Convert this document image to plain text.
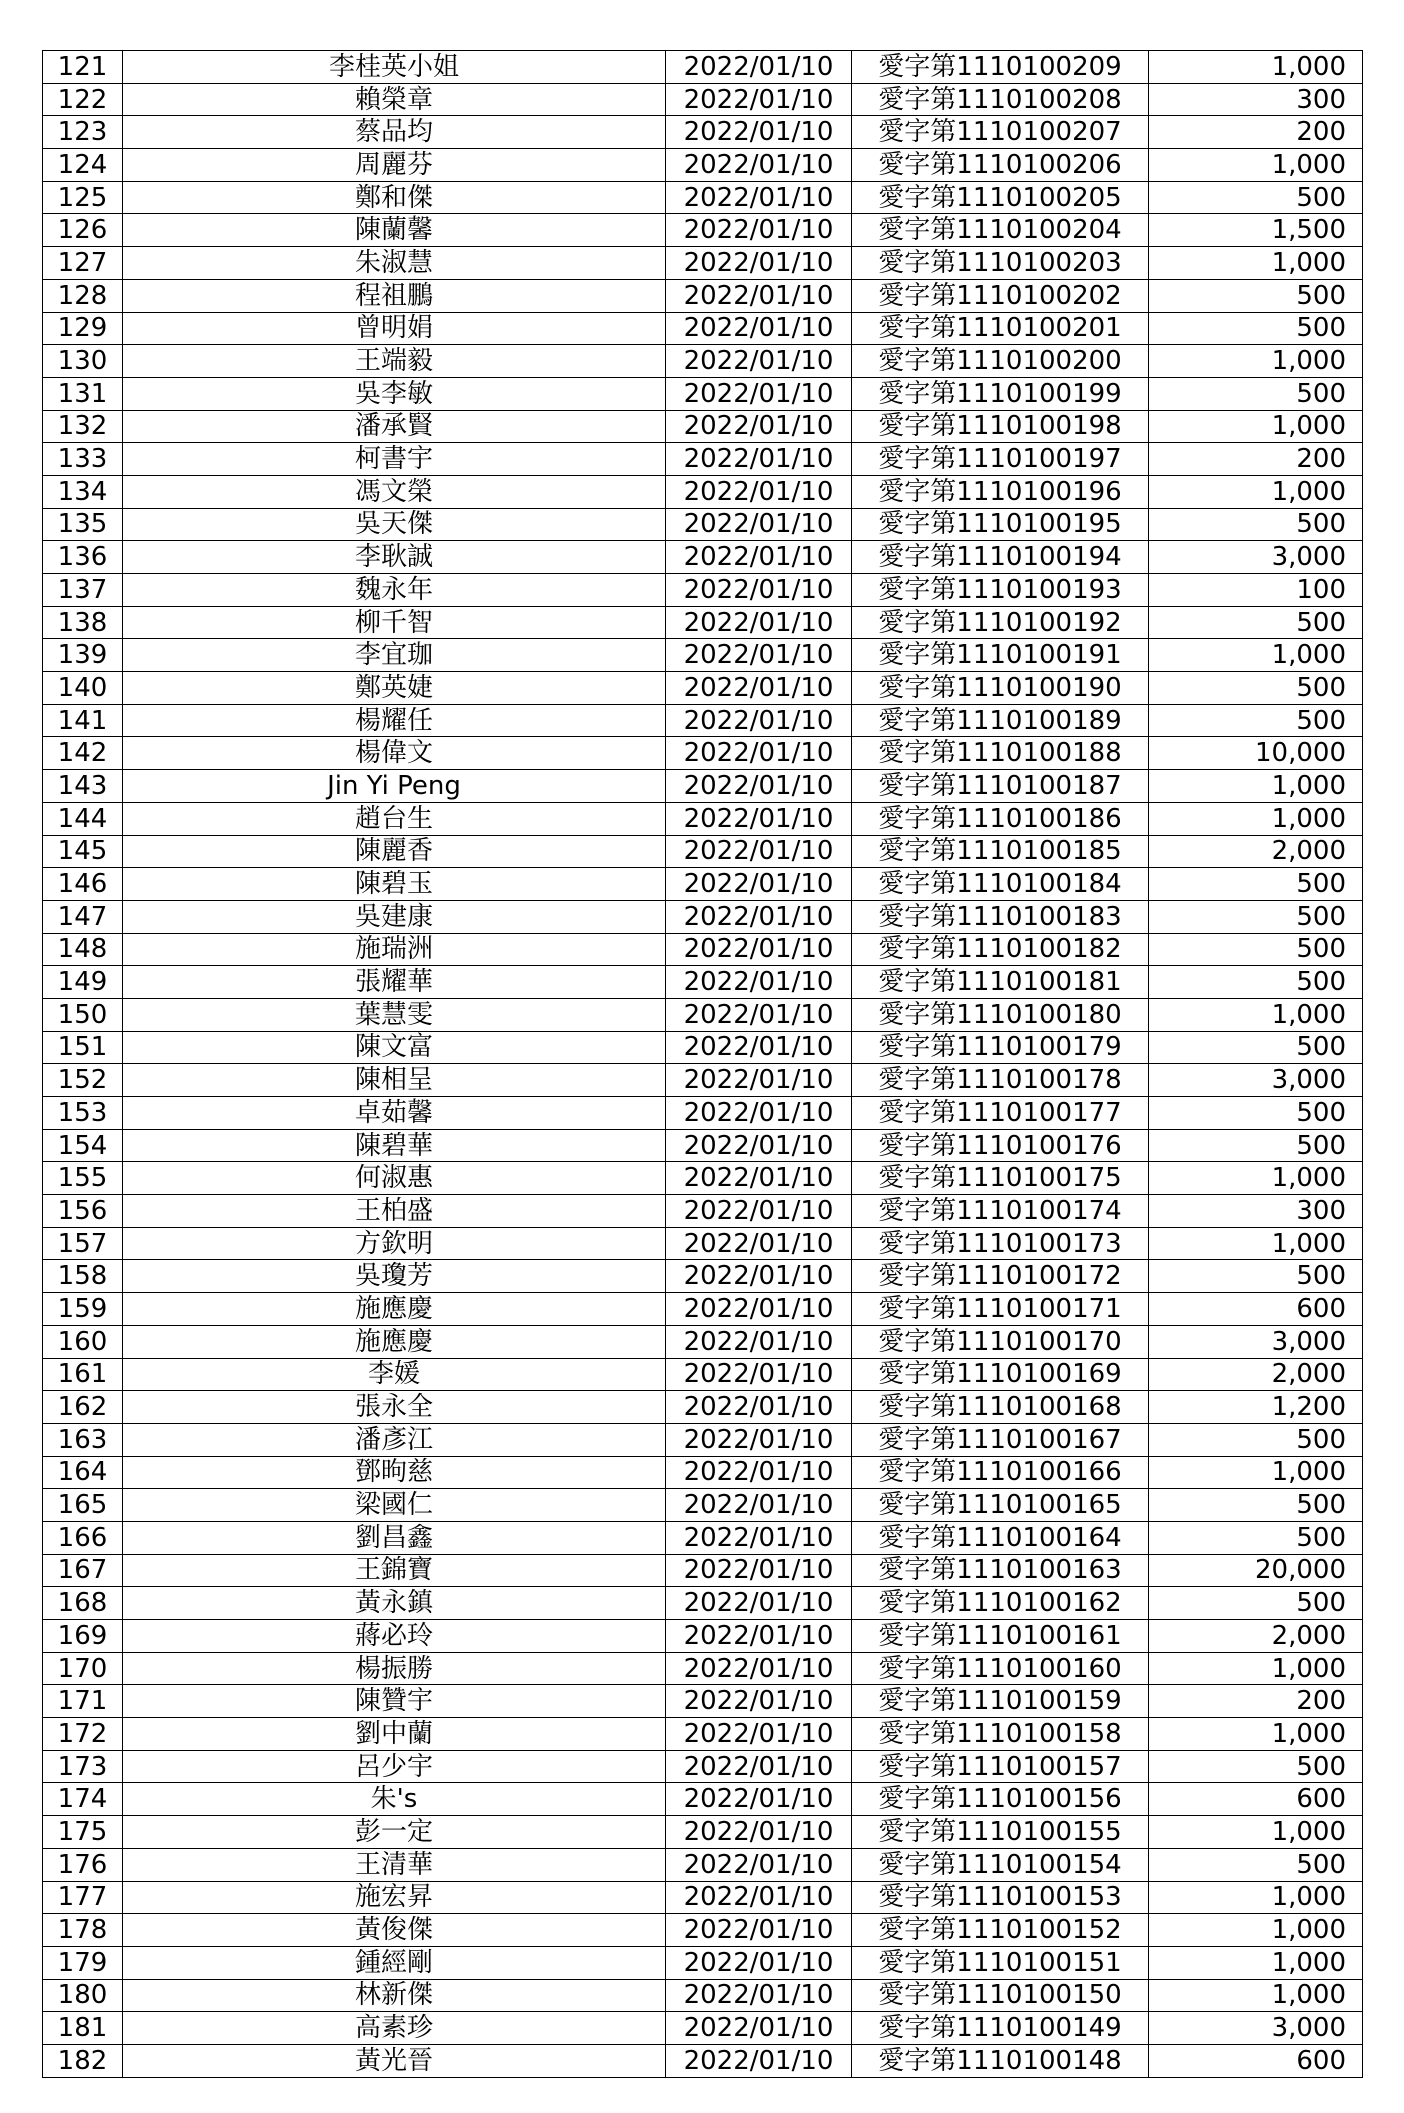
121	李桂英小姐	2022/01/10	愛字第1110100209	1,000
122	賴榮章	2022/01/10	愛字第1110100208	300
123	蔡品均	2022/01/10	愛字第1110100207	200
124	周麗芬	2022/01/10	愛字第1110100206	1,000
125	鄭和傑	2022/01/10	愛字第1110100205	500
126	陳蘭馨	2022/01/10	愛字第1110100204	1,500
127	朱淑慧	2022/01/10	愛字第1110100203	1,000
128	程祖鵬	2022/01/10	愛字第1110100202	500
129	曾明娟	2022/01/10	愛字第1110100201	500
130	王端毅	2022/01/10	愛字第1110100200	1,000
131	吳李敏	2022/01/10	愛字第1110100199	500
132	潘承賢	2022/01/10	愛字第1110100198	1,000
133	柯書宇	2022/01/10	愛字第1110100197	200
134	馮文榮	2022/01/10	愛字第1110100196	1,000
135	吳天傑	2022/01/10	愛字第1110100195	500
136	李耿誠	2022/01/10	愛字第1110100194	3,000
137	魏永年	2022/01/10	愛字第1110100193	100
138	柳千智	2022/01/10	愛字第1110100192	500
139	李宜珈	2022/01/10	愛字第1110100191	1,000
140	鄭英婕	2022/01/10	愛字第1110100190	500
141	楊耀任	2022/01/10	愛字第1110100189	500
142	楊偉文	2022/01/10	愛字第1110100188	10,000
143	Jin Yi Peng	2022/01/10	愛字第1110100187	1,000
144	趙台生	2022/01/10	愛字第1110100186	1,000
145	陳麗香	2022/01/10	愛字第1110100185	2,000
146	陳碧玉	2022/01/10	愛字第1110100184	500
147	吳建康	2022/01/10	愛字第1110100183	500
148	施瑞洲	2022/01/10	愛字第1110100182	500
149	張耀華	2022/01/10	愛字第1110100181	500
150	葉慧雯	2022/01/10	愛字第1110100180	1,000
151	陳文富	2022/01/10	愛字第1110100179	500
152	陳相呈	2022/01/10	愛字第1110100178	3,000
153	卓茹馨	2022/01/10	愛字第1110100177	500
154	陳碧華	2022/01/10	愛字第1110100176	500
155	何淑惠	2022/01/10	愛字第1110100175	1,000
156	王柏盛	2022/01/10	愛字第1110100174	300
157	方欽明	2022/01/10	愛字第1110100173	1,000
158	吳瓊芳	2022/01/10	愛字第1110100172	500
159	施應慶	2022/01/10	愛字第1110100171	600
160	施應慶	2022/01/10	愛字第1110100170	3,000
161	李媛	2022/01/10	愛字第1110100169	2,000
162	張永全	2022/01/10	愛字第1110100168	1,200
163	潘彥江	2022/01/10	愛字第1110100167	500
164	鄧昫慈	2022/01/10	愛字第1110100166	1,000
165	梁國仁	2022/01/10	愛字第1110100165	500
166	劉昌鑫	2022/01/10	愛字第1110100164	500
167	王錦寶	2022/01/10	愛字第1110100163	20,000
168	黃永鎮	2022/01/10	愛字第1110100162	500
169	蔣必玲	2022/01/10	愛字第1110100161	2,000
170	楊振勝	2022/01/10	愛字第1110100160	1,000
171	陳贊宇	2022/01/10	愛字第1110100159	200
172	劉中蘭	2022/01/10	愛字第1110100158	1,000
173	呂少宇	2022/01/10	愛字第1110100157	500
174	朱's	2022/01/10	愛字第1110100156	600
175	彭一定	2022/01/10	愛字第1110100155	1,000
176	王清華	2022/01/10	愛字第1110100154	500
177	施宏昇	2022/01/10	愛字第1110100153	1,000
178	黃俊傑	2022/01/10	愛字第1110100152	1,000
179	鍾經剛	2022/01/10	愛字第1110100151	1,000
180	林新傑	2022/01/10	愛字第1110100150	1,000
181	高素珍	2022/01/10	愛字第1110100149	3,000
182	黃光晉	2022/01/10	愛字第1110100148	600
